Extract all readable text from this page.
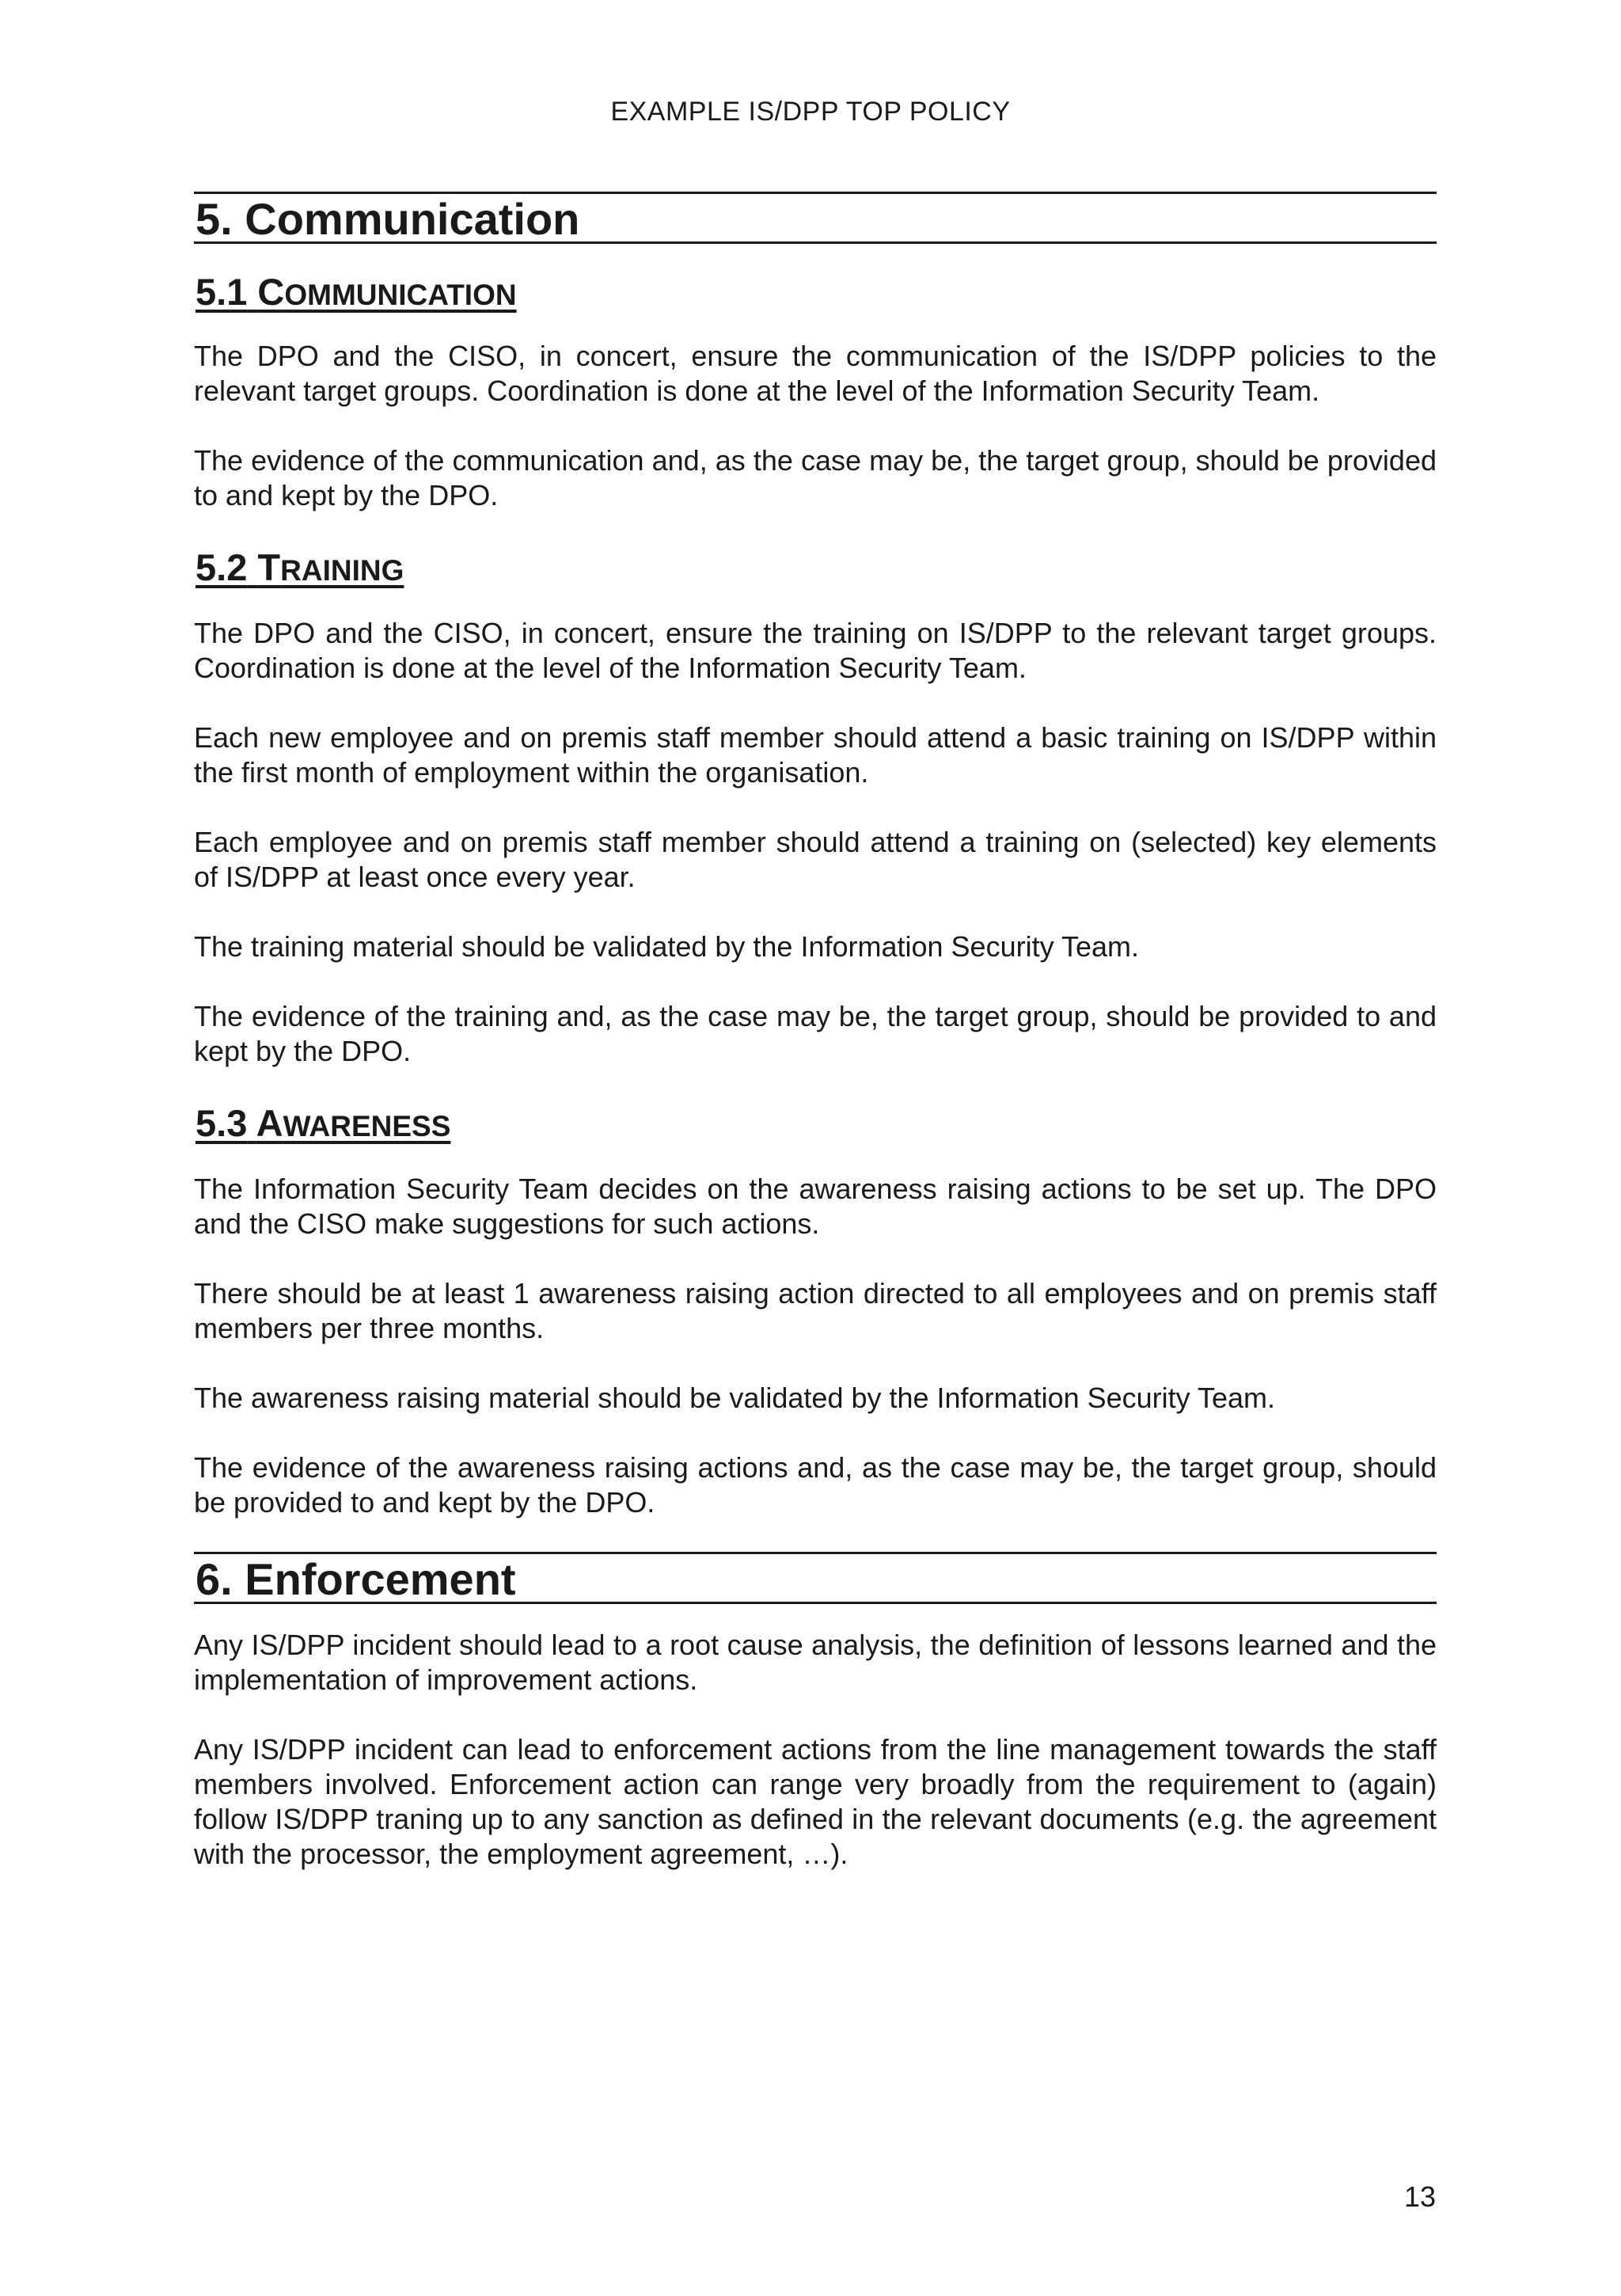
EXAMPLE IS/DPP TOP POLICY
5. Communication
5.1 COMMUNICATION

The DPO and the CISO, in concert, ensure the communication of the IS/DPP policies to the relevant target groups. Coordination is done at the level of the Information Security Team.

The evidence of the communication and, as the case may be, the target group, should be provided to and kept by the DPO.

5.2 TRAINING

The DPO and the CISO, in concert, ensure the training on IS/DPP to the relevant target groups. Coordination is done at the level of the Information Security Team.

Each new employee and on premis staff member should attend a basic training on IS/DPP within the first month of employment within the organisation.

Each employee and on premis staff member should attend a training on (selected) key elements of IS/DPP at least once every year.

The training material should be validated by the Information Security Team.

The evidence of the training and, as the case may be, the target group, should be provided to and kept by the DPO.

5.3 AWARENESS

The Information Security Team decides on the awareness raising actions to be set up. The DPO and the CISO make suggestions for such actions.

There should be at least 1 awareness raising action directed to all employees and on premis staff members per three months.

The awareness raising material should be validated by the Information Security Team.

The evidence of the awareness raising actions and, as the case may be, the target group, should be provided to and kept by the DPO.

6. Enforcement

Any IS/DPP incident should lead to a root cause analysis, the definition of lessons learned and the implementation of improvement actions.

Any IS/DPP incident can lead to enforcement actions from the line management towards the staff members involved. Enforcement action can range very broadly from the requirement to (again) follow IS/DPP traning up to any sanction as defined in the relevant documents (e.g. the agreement with the processor, the employment agreement, …).

13
